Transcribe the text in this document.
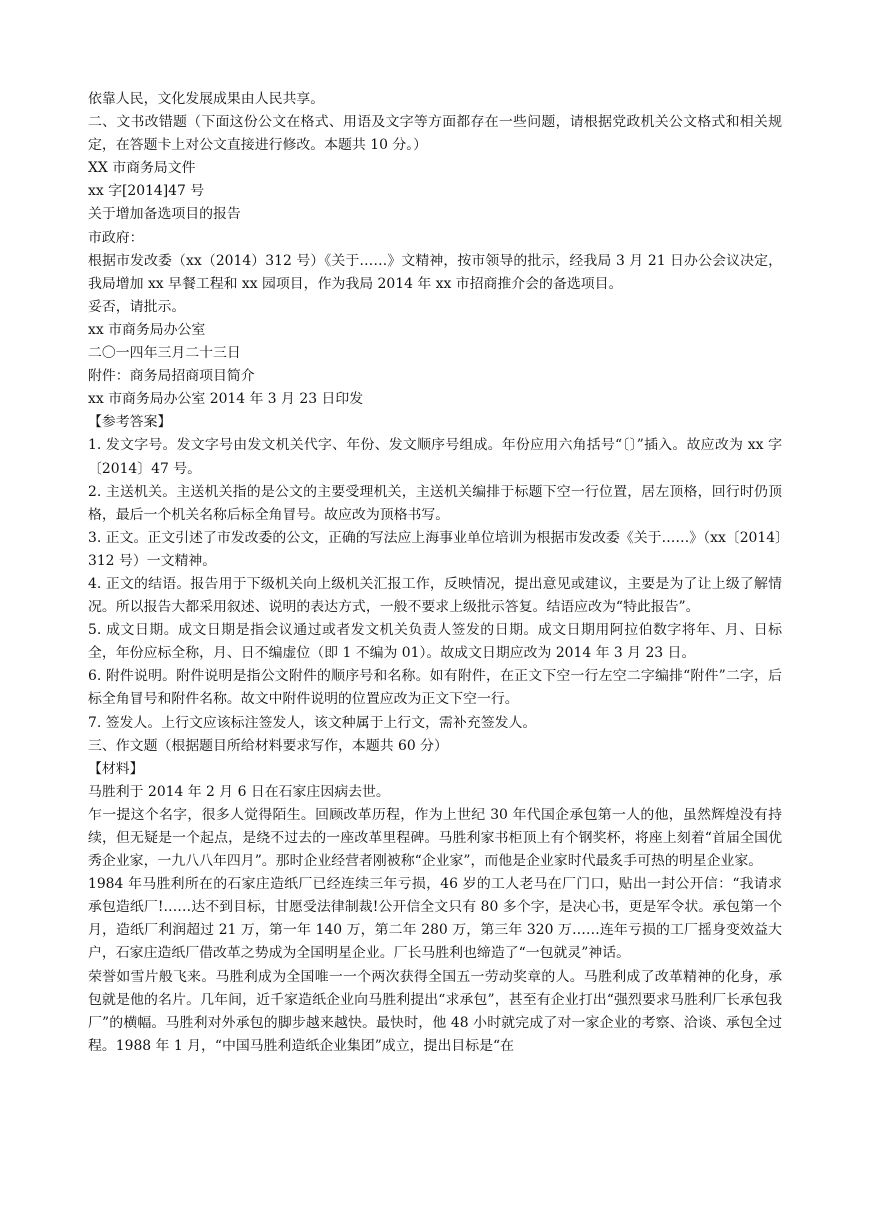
依靠人民，文化发展成果由人民共享。

二、文书改错题（下面这份公文在格式、用语及文字等方面都存在一些问题，请根据党政机关公文格式和相关规定，在答题卡上对公文直接进行修改。本题共 10 分。）

XX 市商务局文件

xx 字[2014]47 号

关于增加备选项目的报告

市政府：

根据市发改委（xx（2014）312 号）《关于……》文精神，按市领导的批示，经我局 3 月 21 日办公会议决定，我局增加 xx 早餐工程和 xx 园项目，作为我局 2014 年 xx 市招商推介会的备选项目。

妥否，请批示。

xx 市商务局办公室

二〇一四年三月二十三日

附件：商务局招商项目简介

xx 市商务局办公室 2014 年 3 月 23 日印发

【参考答案】

1. 发文字号。发文字号由发文机关代字、年份、发文顺序号组成。年份应用六角括号“〔〕”插入。故应改为 xx 字〔2014〕47 号。

2. 主送机关。主送机关指的是公文的主要受理机关，主送机关编排于标题下空一行位置，居左顶格，回行时仍顶格，最后一个机关名称后标全角冒号。故应改为顶格书写。

3. 正文。正文引述了市发改委的公文，正确的写法应上海事业单位培训为根据市发改委《关于……》（xx〔2014〕312 号）一文精神。

4. 正文的结语。报告用于下级机关向上级机关汇报工作，反映情况，提出意见或建议，主要是为了让上级了解情况。所以报告大都采用叙述、说明的表达方式，一般不要求上级批示答复。结语应改为“特此报告”。

5. 成文日期。成文日期是指会议通过或者发文机关负责人签发的日期。成文日期用阿拉伯数字将年、月、日标全，年份应标全称，月、日不编虚位（即 1 不编为 01）。故成文日期应改为 2014 年 3 月 23 日。

6. 附件说明。附件说明是指公文附件的顺序号和名称。如有附件，在正文下空一行左空二字编排“附件”二字，后标全角冒号和附件名称。故文中附件说明的位置应改为正文下空一行。

7. 签发人。上行文应该标注签发人，该文种属于上行文，需补充签发人。

三、作文题（根据题目所给材料要求写作，本题共 60 分）

【材料】

马胜利于 2014 年 2 月 6 日在石家庄因病去世。

乍一提这个名字，很多人觉得陌生。回顾改革历程，作为上世纪 30 年代国企承包第一人的他，虽然辉煌没有持续，但无疑是一个起点，是绕不过去的一座改革里程碑。马胜利家书柜顶上有个钢奖杯，将座上刻着“首届全国优秀企业家，一九八八年四月”。那时企业经营者刚被称“企业家”，而他是企业家时代最炙手可热的明星企业家。

1984 年马胜利所在的石家庄造纸厂已经连续三年亏损，46 岁的工人老马在厂门口，贴出一封公开信：“我请求承包造纸厂!……达不到目标，甘愿受法律制裁!公开信全文只有 80 多个字，是决心书，更是军令状。承包第一个月，造纸厂利润超过 21 万，第一年 140 万，第二年 280 万，第三年 320 万……连年亏损的工厂摇身变效益大户，石家庄造纸厂借改革之势成为全国明星企业。厂长马胜利也缔造了“一包就灵”神话。

荣誉如雪片般飞来。马胜利成为全国唯一一个两次获得全国五一劳动奖章的人。马胜利成了改革精神的化身，承包就是他的名片。几年间，近千家造纸企业向马胜利提出“求承包”，甚至有企业打出“强烈要求马胜利厂长承包我厂”的横幅。马胜利对外承包的脚步越来越快。最快时，他 48 小时就完成了对一家企业的考察、洽谈、承包全过程。1988 年 1 月，“中国马胜利造纸企业集团”成立，提出目标是“在
